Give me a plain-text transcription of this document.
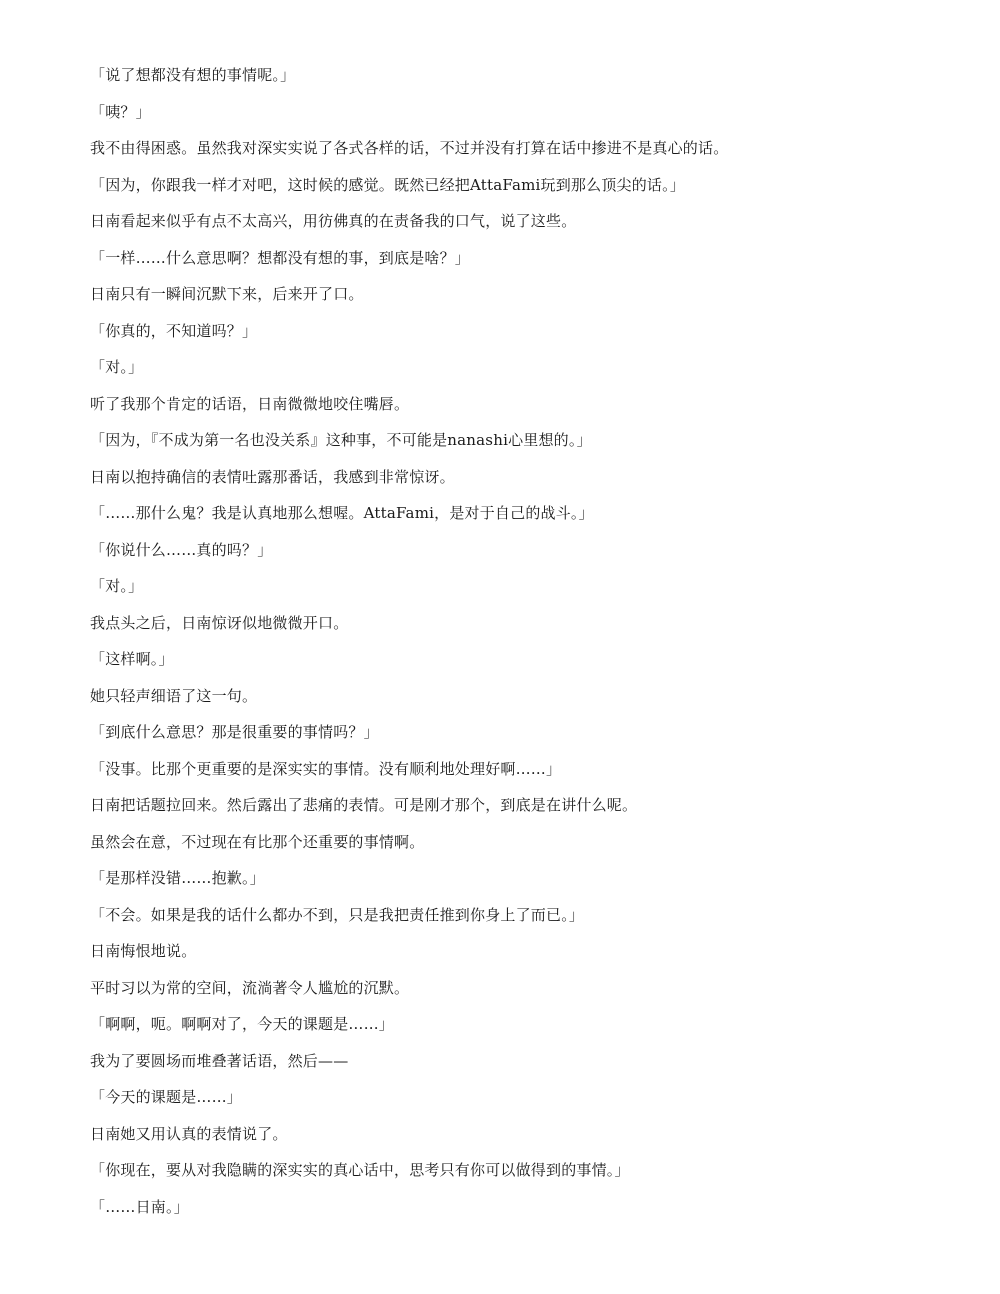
「说了想都没有想的事情呢。」
「咦？」
我不由得困惑。虽然我对深实实说了各式各样的话，不过并没有打算在话中掺进不是真心的话。
「因为，你跟我一样才对吧，这时候的感觉。既然已经把AttaFami玩到那么顶尖的话。」
日南看起来似乎有点不太高兴，用彷佛真的在责备我的口气，说了这些。
「一样……什么意思啊？想都没有想的事，到底是啥？」
日南只有一瞬间沉默下来，后来开了口。
「你真的，不知道吗？」
「对。」
听了我那个肯定的话语，日南微微地咬住嘴唇。
「因为，『不成为第一名也没关系』这种事，不可能是nanashi心里想的。」
日南以抱持确信的表情吐露那番话，我感到非常惊讶。
「……那什么鬼？我是认真地那么想喔。AttaFami，是对于自己的战斗。」
「你说什么……真的吗？」
「对。」
我点头之后，日南惊讶似地微微开口。
「这样啊。」
她只轻声细语了这一句。
「到底什么意思？那是很重要的事情吗？」
「没事。比那个更重要的是深实实的事情。没有顺利地处理好啊……」
日南把话题拉回来。然后露出了悲痛的表情。可是刚才那个，到底是在讲什么呢。
虽然会在意，不过现在有比那个还重要的事情啊。
「是那样没错……抱歉。」
「不会。如果是我的话什么都办不到，只是我把责任推到你身上了而已。」
日南悔恨地说。
平时习以为常的空间，流淌著令人尴尬的沉默。
「啊啊，呃。啊啊对了，今天的课题是……」
我为了要圆场而堆叠著话语，然后——
「今天的课题是……」
日南她又用认真的表情说了。
「你现在，要从对我隐瞒的深实实的真心话中，思考只有你可以做得到的事情。」
「……日南。」
